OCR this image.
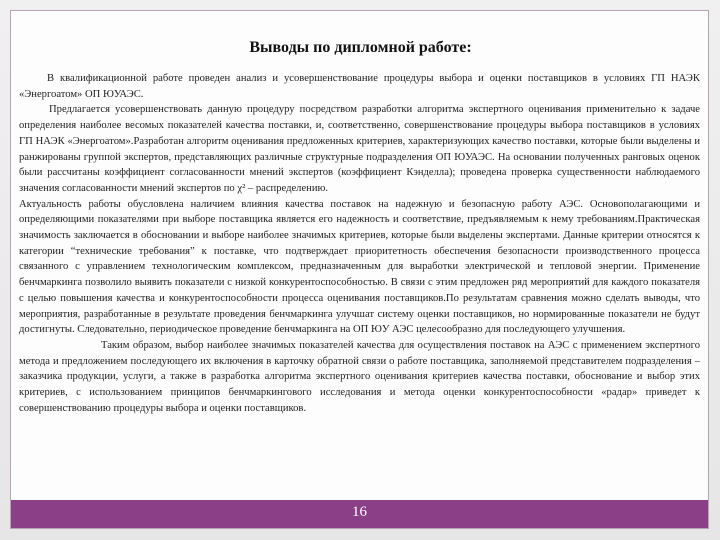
Выводы по дипломной работе:

В квалификационной работе проведен анализ и усовершенствование процедуры выбора и оценки поставщиков в условиях ГП НАЭК «Энергоатом» ОП ЮУАЭС.

Предлагается усовершенствовать данную процедуру посредством разработки алгоритма экспертного оценивания применительно к задаче определения наиболее весомых показателей качества поставки, и, соответственно, совершенствование процедуры выбора поставщиков в условиях ГП НАЭК «Энергоатом».Разработан алгоритм оценивания предложенных критериев, характеризующих качество поставки, которые были выделены и ранжированы группой экспертов, представляющих различные структурные подразделения ОП ЮУАЭС. На основании полученных ранговых оценок были рассчитаны коэффициент согласованности мнений экспертов (коэффициент Кэнделла); проведена проверка существенности наблюдаемого значения согласованности мнений экспертов по χ² – распределению.

Актуальность работы обусловлена наличием влияния качества поставок на надежную и безопасную работу АЭС. Основополагающими и определяющими показателями при выборе поставщика является его надежность и соответствие, предъявляемым к нему требованиям.Практическая значимость заключается в обосновании и выборе наиболее значимых критериев, которые были выделены экспертами. Данные критерии относятся к категории “технические требования” к поставке, что подтверждает приоритетность обеспечения безопасности производственного процесса связанного с управлением технологическим комплексом, предназначенным для выработки электрической и тепловой энергии. Применение бенчмаркинга позволило выявить показатели с низкой конкурентоспособностью. В связи с этим предложен ряд мероприятий для каждого показателя с целью повышения качества и конкурентоспособности процесса оценивания поставщиков.По результатам сравнения можно сделать выводы, что мероприятия, разработанные в результате проведения бенчмаркинга улучшат систему оценки поставщиков, но нормированные показатели не будут достигнуты. Следовательно, периодическое проведение бенчмаркинга на ОП ЮУ АЭС целесообразно для последующего улучшения.

Таким образом, выбор наиболее значимых показателей качества для осуществления поставок на АЭС с применением экспертного метода и предложением последующего их включения в карточку обратной связи о работе поставщика, заполняемой представителем подразделения – заказчика продукции, услуги, а также в разработка алгоритма экспертного оценивания критериев качества поставки, обоснование и выбор этих критериев, с использованием принципов бенчмаркингового исследования и метода оценки конкурентоспособности «радар» приведет к совершенствованию процедуры выбора и оценки поставщиков.

16
